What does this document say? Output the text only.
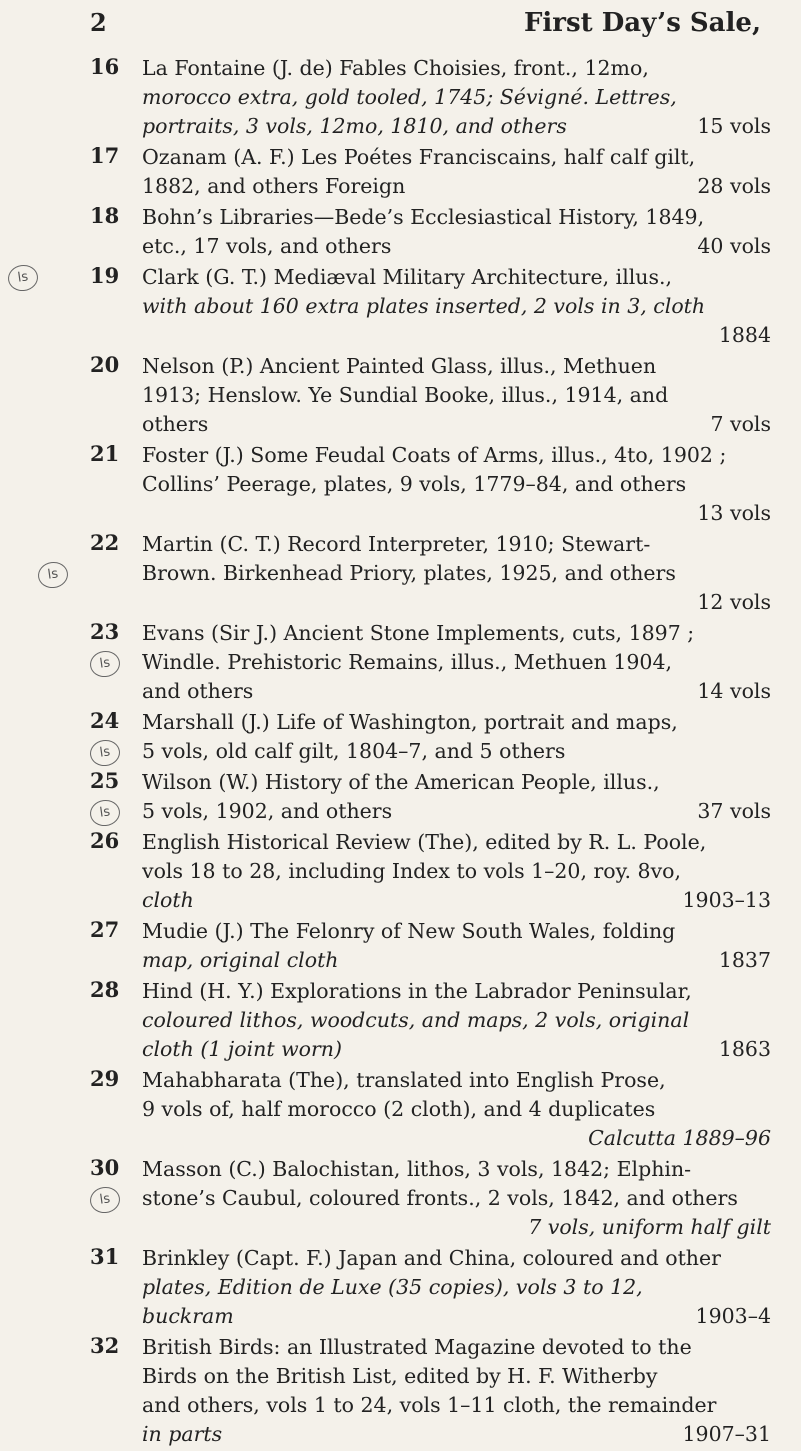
2	First Day’s Sale,
16 La Fontaine (J. de) Fables Choisies, front., 12mo,
morocco extra, gold tooled, 1745; Sévigné. Lettres,
portraits, 3 vols, 12mo, 1810, and others	15 vols
17 Ozanam (A. F.) Les Poétes Franciscains, half calf gilt,
1882, and others Foreign	28 vols
18 Bohn’s Libraries—Bede’s Ecclesiastical History, 1849,
etc., 17 vols, and others	40 vols
ls	19 Clark (G. T.) Mediæval Military Architecture, illus.,
with about 160 extra plates inserted, 2 vols in 3, cloth
1884
20 Nelson (P.) Ancient Painted Glass, illus., Methuen
1913; Henslow. Ye Sundial Booke, illus., 1914, and
others	7 vols
21 Foster (J.) Some Feudal Coats of Arms, illus., 4to, 1902 ;
Collins’ Peerage, plates, 9 vols, 1779–84, and others
13 vols
ls
22 Martin (C. T.) Record Interpreter, 1910; Stewart-
Brown. Birkenhead Priory, plates, 1925, and others
12 vols
ls
23 Evans (Sir J.) Ancient Stone Implements, cuts, 1897 ;
Windle. Prehistoric Remains, illus., Methuen 1904,
and others	14 vols
ls
24 Marshall (J.) Life of Washington, portrait and maps,
5 vols, old calf gilt, 1804–7, and 5 others
ls
25 Wilson (W.) History of the American People, illus.,
5 vols, 1902, and others	37 vols
26 English Historical Review (The), edited by R. L. Poole,
vols 18 to 28, including Index to vols 1–20, roy. 8vo,
cloth	1903–13
27 Mudie (J.) The Felonry of New South Wales, folding
map, original cloth	1837
28 Hind (H. Y.) Explorations in the Labrador Peninsular,
coloured lithos, woodcuts, and maps, 2 vols, original
cloth (1 joint worn)	1863
29 Mahabharata (The), translated into English Prose,
9 vols of, half morocco (2 cloth), and 4 duplicates
Calcutta 1889–96
ls
30 Masson (C.) Balochistan, lithos, 3 vols, 1842; Elphin-
stone’s Caubul, coloured fronts., 2 vols, 1842, and others
7 vols, uniform half gilt
31 Brinkley (Capt. F.) Japan and China, coloured and other
plates, Edition de Luxe (35 copies), vols 3 to 12,
buckram	1903–4
32 British Birds: an Illustrated Magazine devoted to the
Birds on the British List, edited by H. F. Witherby
and others, vols 1 to 24, vols 1–11 cloth, the remainder
in parts	1907–31
